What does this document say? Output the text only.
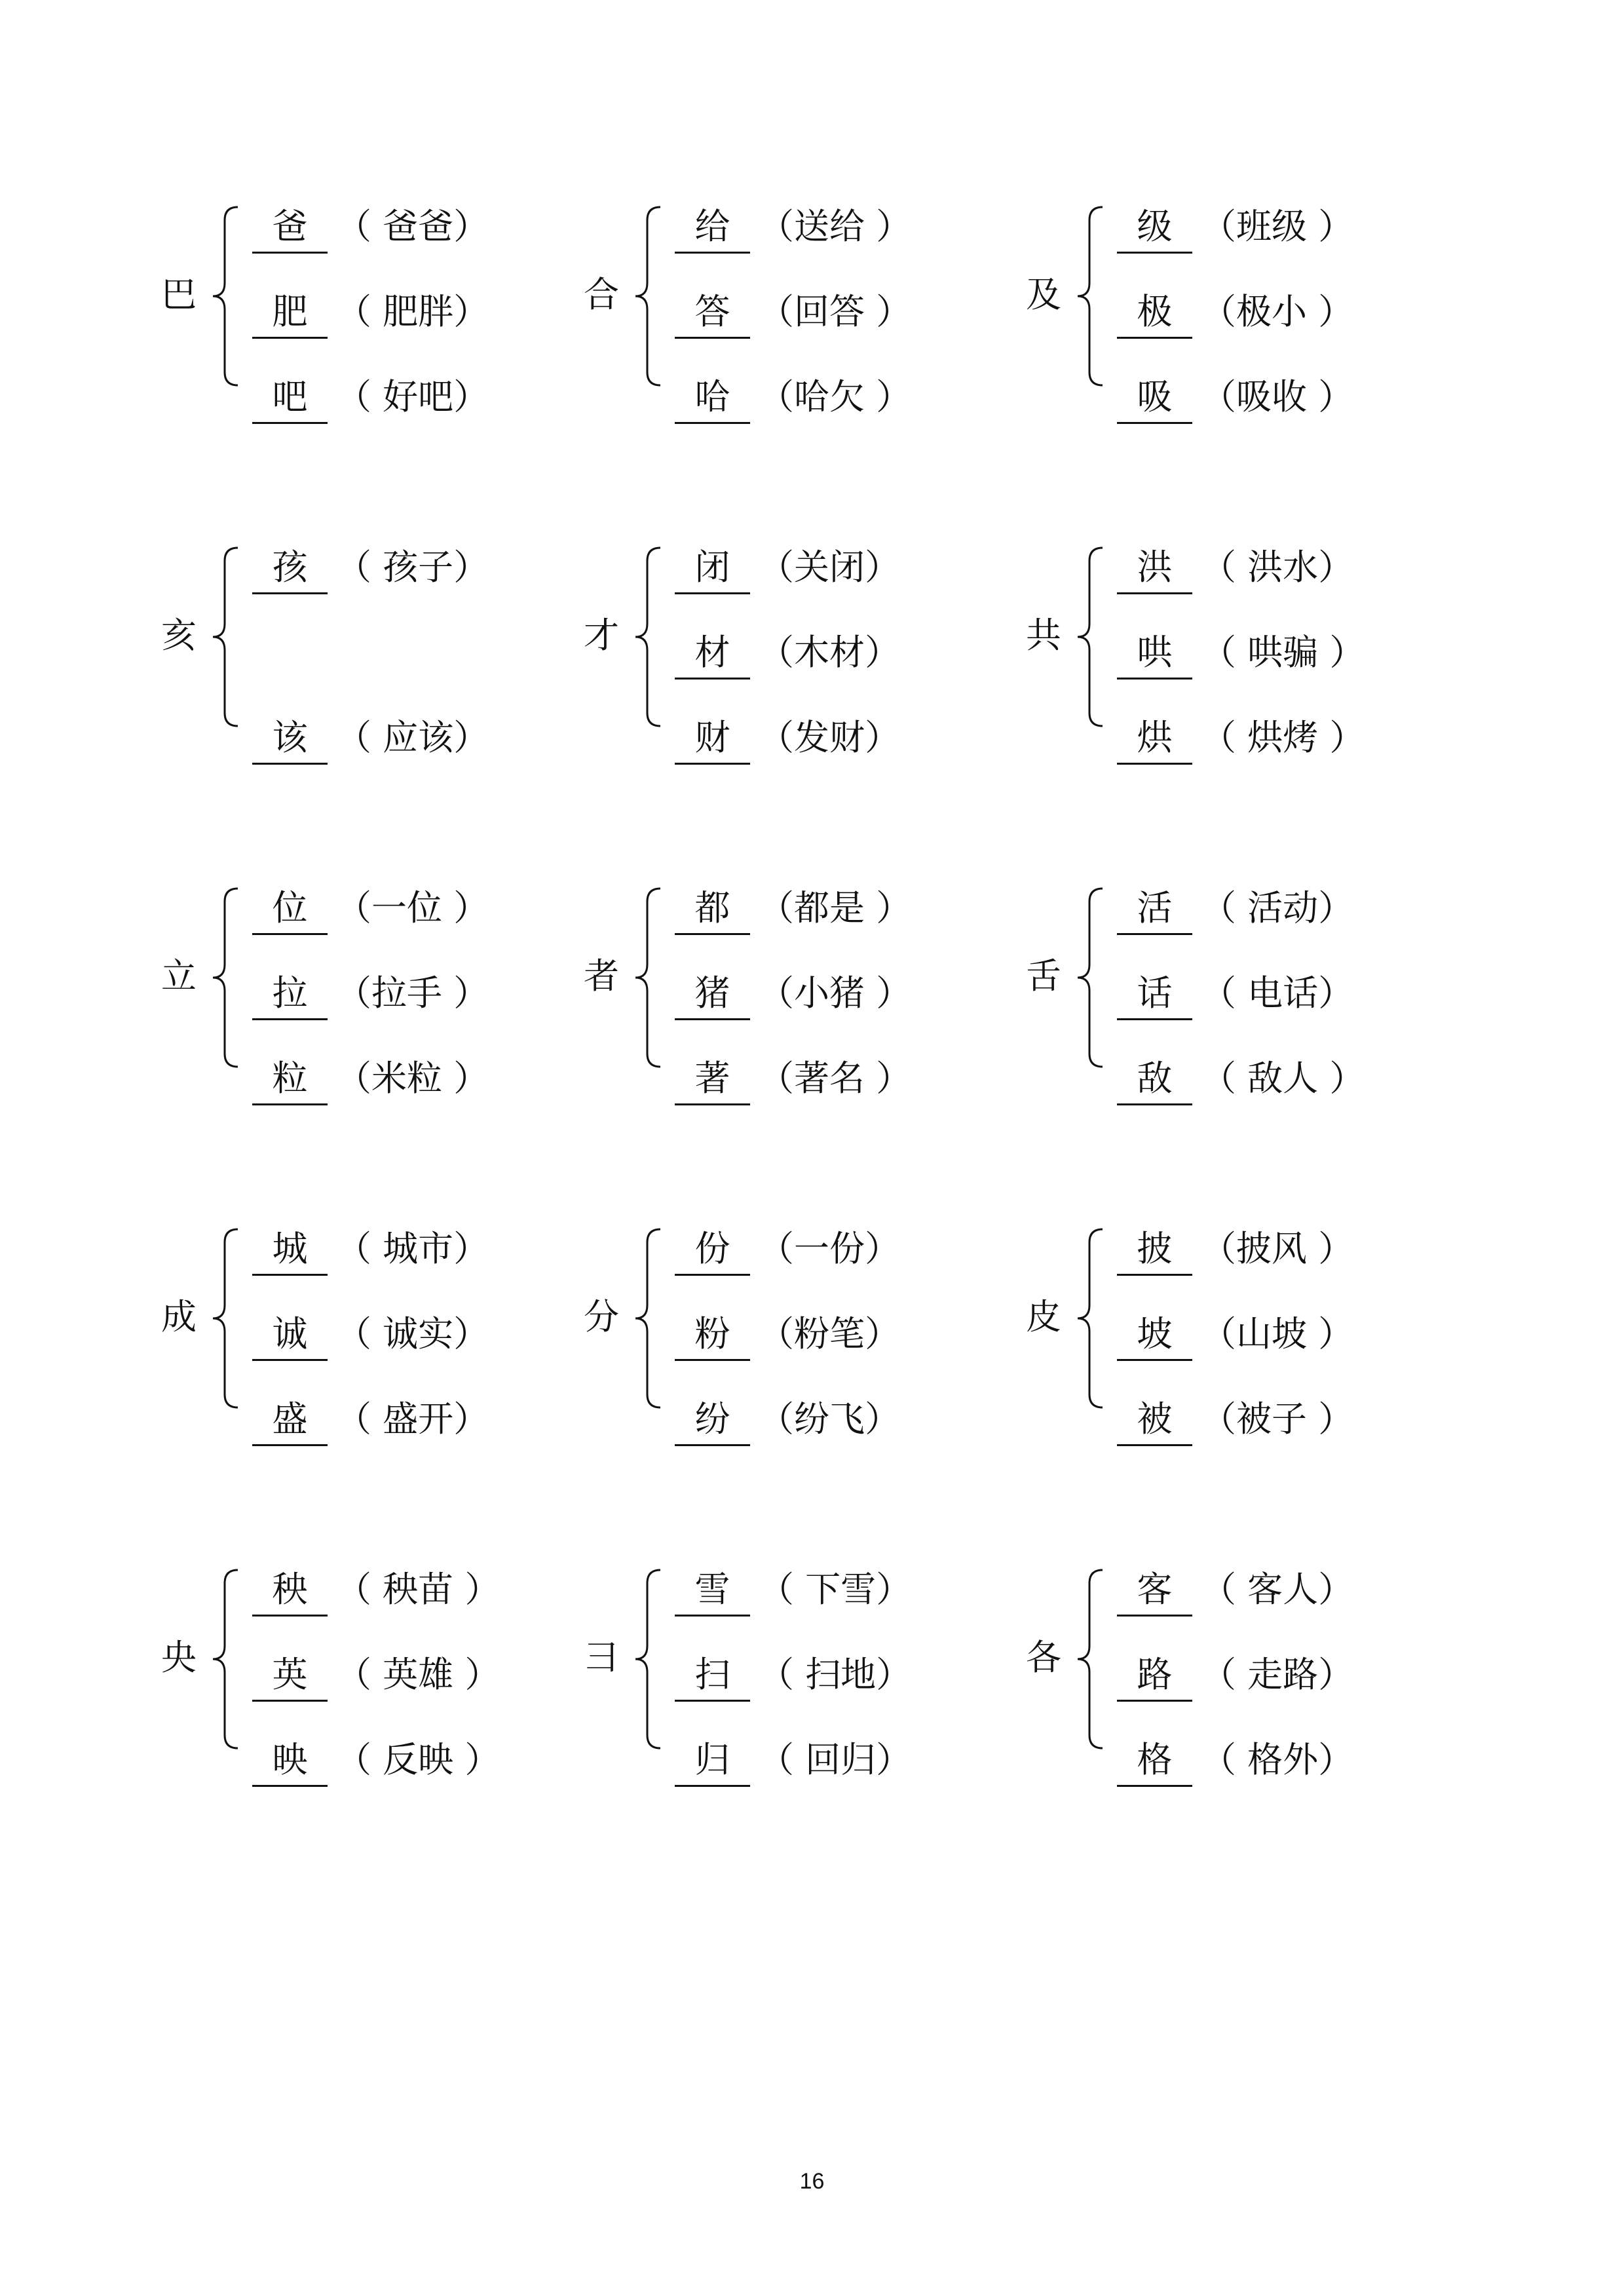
巴
爸 （ 爸爸）
肥 （ 肥胖）
吧 （ 好吧）
合
给 （送给 ）
答 （回答 ）
哈 （哈欠 ）
及
级 （班级 ）
极 （极小 ）
吸 （吸收 ）
亥
孩 （ 孩子）
该 （ 应该）
才
闭 （关闭）
材 （木材）
财 （发财）
共
洪 （ 洪水）
哄 （ 哄骗 ）
烘 （ 烘烤 ）
立
位 （一位 ）
拉 （拉手 ）
粒 （米粒 ）
者
都 （都是 ）
猪 （小猪 ）
著 （著名 ）
舌
活 （ 活动）
话 （ 电话）
敌 （ 敌人 ）
成
城 （ 城市）
诚 （ 诚实）
盛 （ 盛开）
分
份 （一份）
粉 （粉笔）
纷 （纷飞）
皮
披 （披风 ）
坡 （山坡 ）
被 （被子 ）
央
秧 （ 秧苗 ）
英 （ 英雄 ）
映 （ 反映 ）
彐
雪 （ 下雪）
扫 （ 扫地）
归 （ 回归）
各
客 （ 客人）
路 （ 走路）
格 （ 格外）
16
